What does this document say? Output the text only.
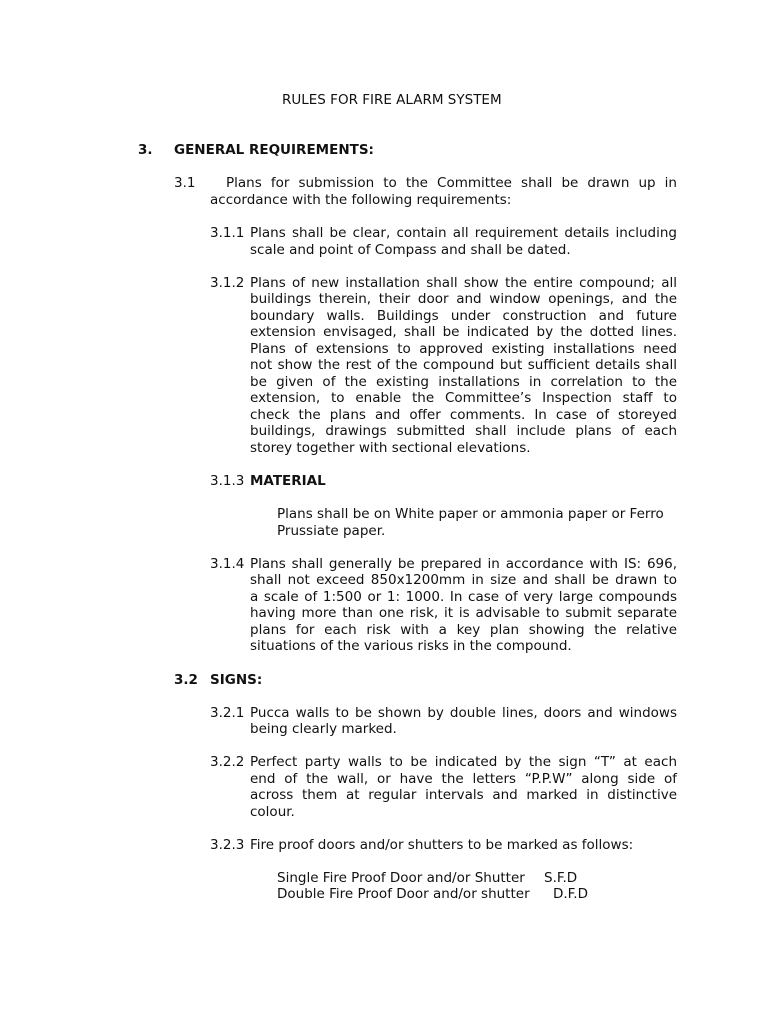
RULES FOR FIRE ALARM SYSTEM
3. GENERAL REQUIREMENTS:
3.1 Plans for submission to the Committee shall be drawn up in
accordance with the following requirements:
3.1.1 Plans shall be clear, contain all requirement details including
scale and point of Compass and shall be dated.
3.1.2 Plans of new installation shall show the entire compound; all
buildings therein, their door and window openings, and the
boundary walls. Buildings under construction and future
extension envisaged, shall be indicated by the dotted lines.
Plans of extensions to approved existing installations need
not show the rest of the compound but sufficient details shall
be given of the existing installations in correlation to the
extension, to enable the Committee’s Inspection staff to
check the plans and offer comments. In case of storeyed
buildings, drawings submitted shall include plans of each
storey together with sectional elevations.
3.1.3 MATERIAL
Plans shall be on White paper or ammonia paper or Ferro
Prussiate paper.
3.1.4 Plans shall generally be prepared in accordance with IS: 696,
shall not exceed 850x1200mm in size and shall be drawn to
a scale of 1:500 or 1: 1000. In case of very large compounds
having more than one risk, it is advisable to submit separate
plans for each risk with a key plan showing the relative
situations of the various risks in the compound.
3.2 SIGNS:
3.2.1 Pucca walls to be shown by double lines, doors and windows
being clearly marked.
3.2.2 Perfect party walls to be indicated by the sign “T” at each
end of the wall, or have the letters “P.P.W” along side of
across them at regular intervals and marked in distinctive
colour.
3.2.3 Fire proof doors and/or shutters to be marked as follows:
Single Fire Proof Door and/or Shutter S.F.D
Double Fire Proof Door and/or shutter D.F.D
